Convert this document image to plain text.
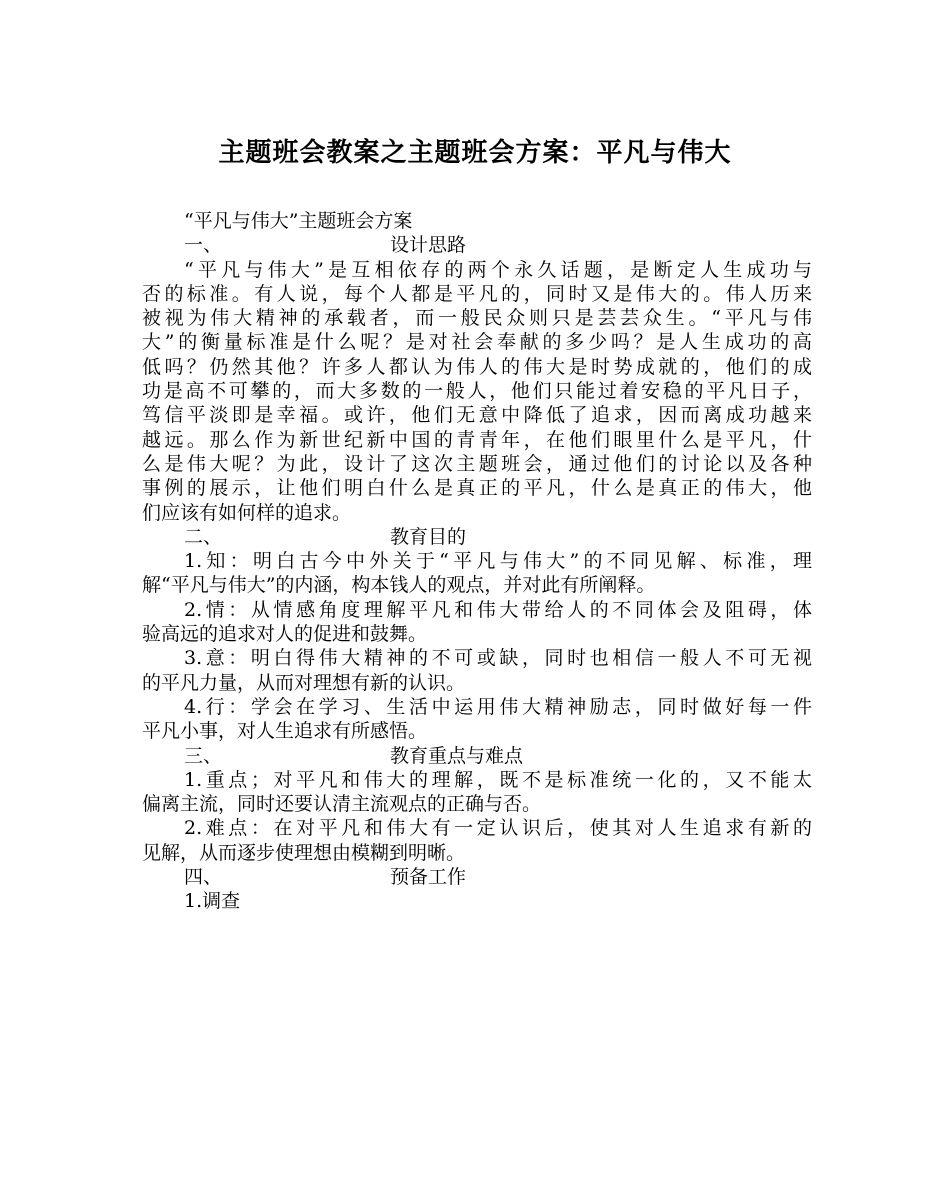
主题班会教案之主题班会方案：平凡与伟大
“平凡与伟大”主题班会方案
一、	设计思路
“平凡与伟大”是互相依存的两个永久话题，是断定人生成功与
否的标准。有人说，每个人都是平凡的，同时又是伟大的。伟人历来
被视为伟大精神的承载者，而一般民众则只是芸芸众生。“平凡与伟
大”的衡量标准是什么呢？是对社会奉献的多少吗？是人生成功的高
低吗？仍然其他？许多人都认为伟人的伟大是时势成就的，他们的成
功是高不可攀的，而大多数的一般人，他们只能过着安稳的平凡日子，
笃信平淡即是幸福。或许，他们无意中降低了追求，因而离成功越来
越远。那么作为新世纪新中国的青青年，在他们眼里什么是平凡，什
么是伟大呢？为此，设计了这次主题班会，通过他们的讨论以及各种
事例的展示，让他们明白什么是真正的平凡，什么是真正的伟大，他
们应该有如何样的追求。
二、	教育目的
1.知：明白古今中外关于“平凡与伟大”的不同见解、标准，理
解“平凡与伟大”的内涵，构本钱人的观点，并对此有所阐释。
2.情：从情感角度理解平凡和伟大带给人的不同体会及阻碍，体
验高远的追求对人的促进和鼓舞。
3.意：明白得伟大精神的不可或缺，同时也相信一般人不可无视
的平凡力量，从而对理想有新的认识。
4.行：学会在学习、生活中运用伟大精神励志，同时做好每一件
平凡小事，对人生追求有所感悟。
三、	教育重点与难点
1.重点；对平凡和伟大的理解，既不是标准统一化的，又不能太
偏离主流，同时还要认清主流观点的正确与否。
2.难点：在对平凡和伟大有一定认识后，使其对人生追求有新的
见解，从而逐步使理想由模糊到明晰。
四、	预备工作
1.调查
